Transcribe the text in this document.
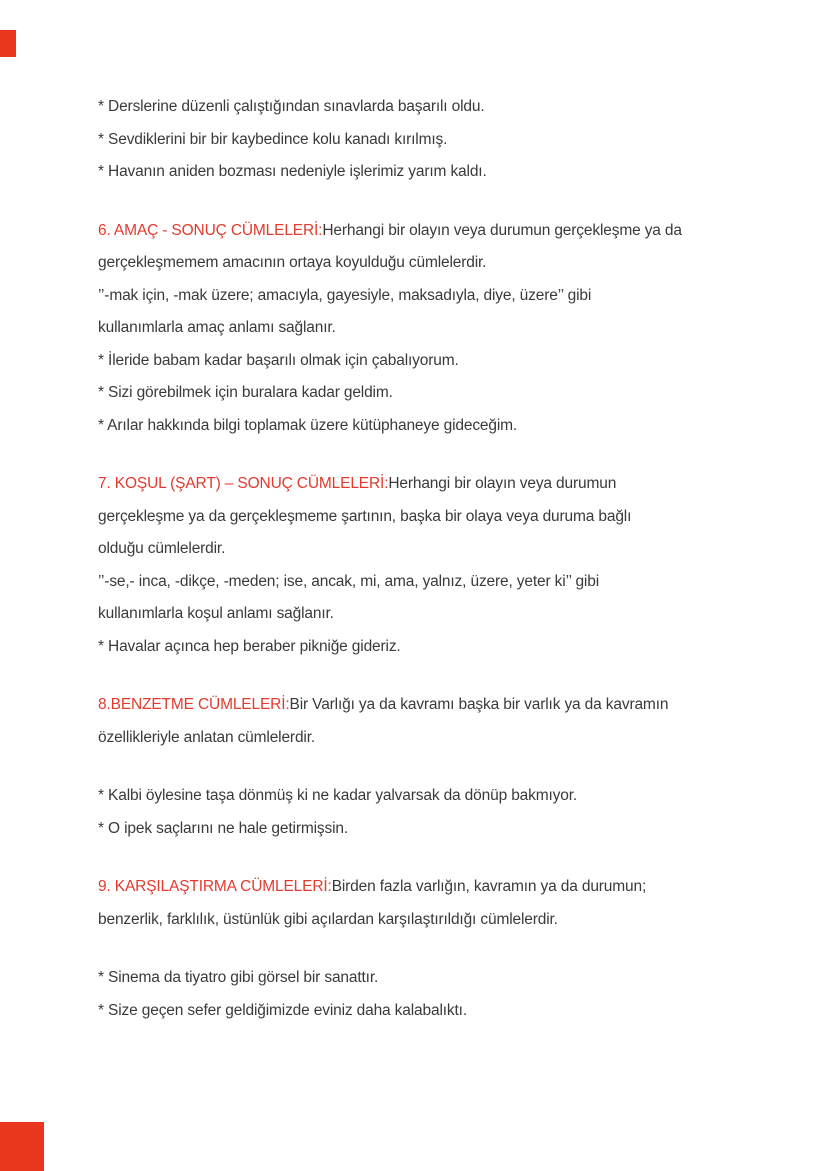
* Derslerine düzenli çalıştığından sınavlarda başarılı oldu.
* Sevdiklerini bir bir kaybedince kolu kanadı kırılmış.
* Havanın aniden bozması nedeniyle işlerimiz yarım kaldı.
6. AMAÇ - SONUÇ CÜMLELERİ: Herhangi bir olayın veya durumun gerçekleşme ya da
gerçekleşmemem amacının ortaya koyulduğu cümlelerdir.
’’-mak için, -mak üzere; amacıyla, gayesiyle, maksadıyla, diye, üzere’’ gibi
kullanımlarla amaç anlamı sağlanır.
* İleride babam kadar başarılı olmak için çabalıyorum.
* Sizi görebilmek için buralara kadar geldim.
* Arılar hakkında bilgi toplamak üzere kütüphaneye gideceğim.
7. KOŞUL (ŞART) – SONUÇ CÜMLELERİ: Herhangi bir olayın veya durumun
gerçekleşme ya da gerçekleşmeme şartının, başka bir olaya veya duruma bağlı
olduğu cümlelerdir.
’’-se,- inca, -dikçe, -meden; ise, ancak, mi, ama, yalnız, üzere, yeter ki’’ gibi
kullanımlarla koşul anlamı sağlanır.
* Havalar açınca hep beraber pikniğe gideriz.
8.BENZETME CÜMLELERİ: Bir Varlığı ya da kavramı başka bir varlık ya da kavramın
özellikleriyle anlatan cümlelerdir.
* Kalbi öylesine taşa dönmüş ki ne kadar yalvarsak da dönüp bakmıyor.
* O ipek saçlarını ne hale getirmişsin.
9. KARŞILAŞTIRMA CÜMLELERİ: Birden fazla varlığın, kavramın ya da durumun;
benzerlik, farklılık, üstünlük gibi açılardan karşılaştırıldığı cümlelerdir.
* Sinema da tiyatro gibi görsel bir sanattır.
* Size geçen sefer geldiğimizde eviniz daha kalabalıktı.
